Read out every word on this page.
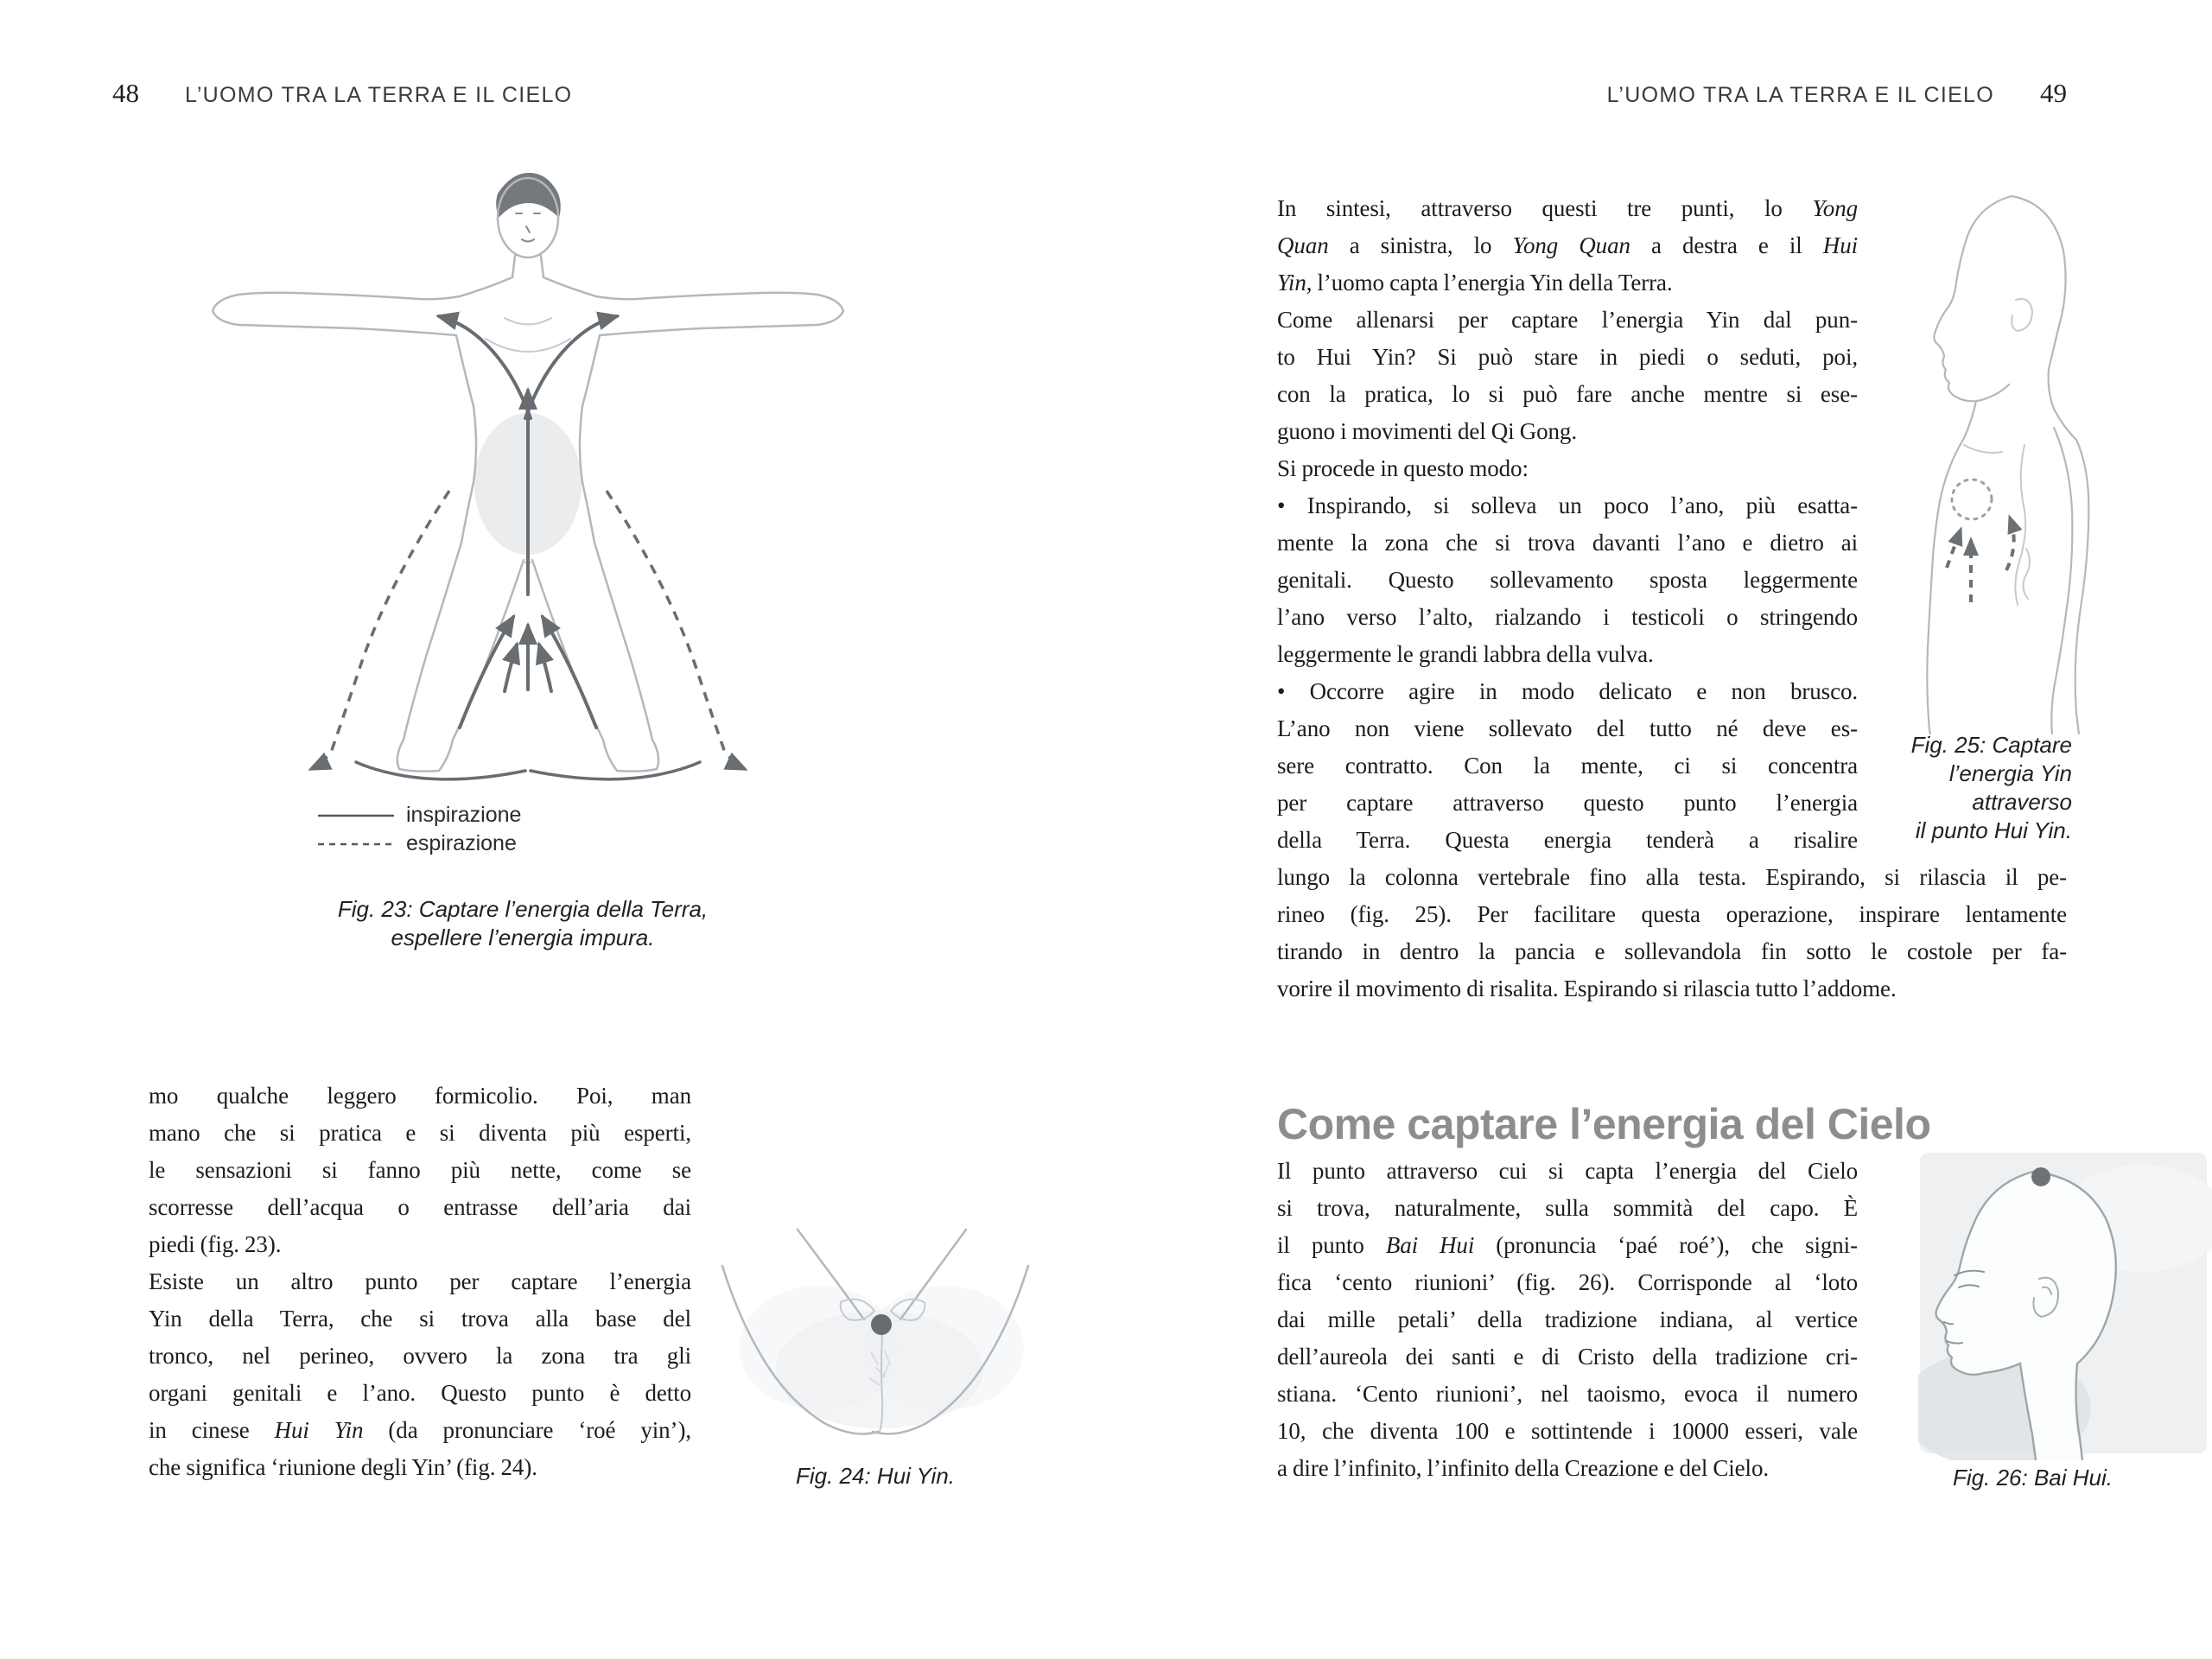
48 L’UOMO TRA LA TERRA E IL CIELO
inspirazione
espirazione
Fig. 23: Captare l’energia della Terra,
espellere l’energia impura.
mo qualche leggero formicolio. Poi, man
mano che si pratica e si diventa più esperti,
le sensazioni si fanno più nette, come se
scorresse dell’acqua o entrasse dell’aria dai
piedi (fig. 23).
Esiste un altro punto per captare l’energia
Yin della Terra, che si trova alla base del
tronco, nel perineo, ovvero la zona tra gli
organi genitali e l’ano. Questo punto è detto
in cinese Hui Yin (da pronunciare ‘roé yin’),
che significa ‘riunione degli Yin’ (fig. 24).	Fig. 24: Hui Yin.
L’UOMO TRA LA TERRA E IL CIELO 49
In sintesi, attraverso questi tre punti, lo Yong
Quan a sinistra, lo Yong Quan a destra e il Hui
Yin, l’uomo capta l’energia Yin della Terra.
Come allenarsi per captare l’energia Yin dal pun-
to Hui Yin? Si può stare in piedi o seduti, poi,
con la pratica, lo si può fare anche mentre si ese-
guono i movimenti del Qi Gong.
Si procede in questo modo:
• Inspirando, si solleva un poco l’ano, più esatta-
mente la zona che si trova davanti l’ano e dietro ai
genitali. Questo sollevamento sposta leggermente
l’ano verso l’alto, rialzando i testicoli o stringendo
leggermente le grandi labbra della vulva.
• Occorre agire in modo delicato e non brusco.
L’ano non viene sollevato del tutto né deve es-
sere contratto. Con la mente, ci si concentra
per captare attraverso questo punto l’energia
della Terra. Questa energia tenderà a risalire
lungo la colonna vertebrale fino alla testa. Espirando, si rilascia il pe-
rineo (fig. 25). Per facilitare questa operazione, inspirare lentamente
tirando in dentro la pancia e sollevandola fin sotto le costole per fa-
vorire il movimento di risalita. Espirando si rilascia tutto l’addome.
Fig. 25: Captare
l’energia Yin
attraverso
il punto Hui Yin.
Come captare l’energia del Cielo
Il punto attraverso cui si capta l’energia del Cielo
si trova, naturalmente, sulla sommità del capo. È
il punto Bai Hui (pronuncia ‘paé roé’), che signi-
fica ‘cento riunioni’ (fig. 26). Corrisponde al ‘loto
dai mille petali’ della tradizione indiana, al vertice
dell’aureola dei santi e di Cristo della tradizione cri-
stiana. ‘Cento riunioni’, nel taoismo, evoca il numero
10, che diventa 100 e sottintende i 10000 esseri, vale
a dire l’infinito, l’infinito della Creazione e del Cielo.	Fig. 26: Bai Hui.
